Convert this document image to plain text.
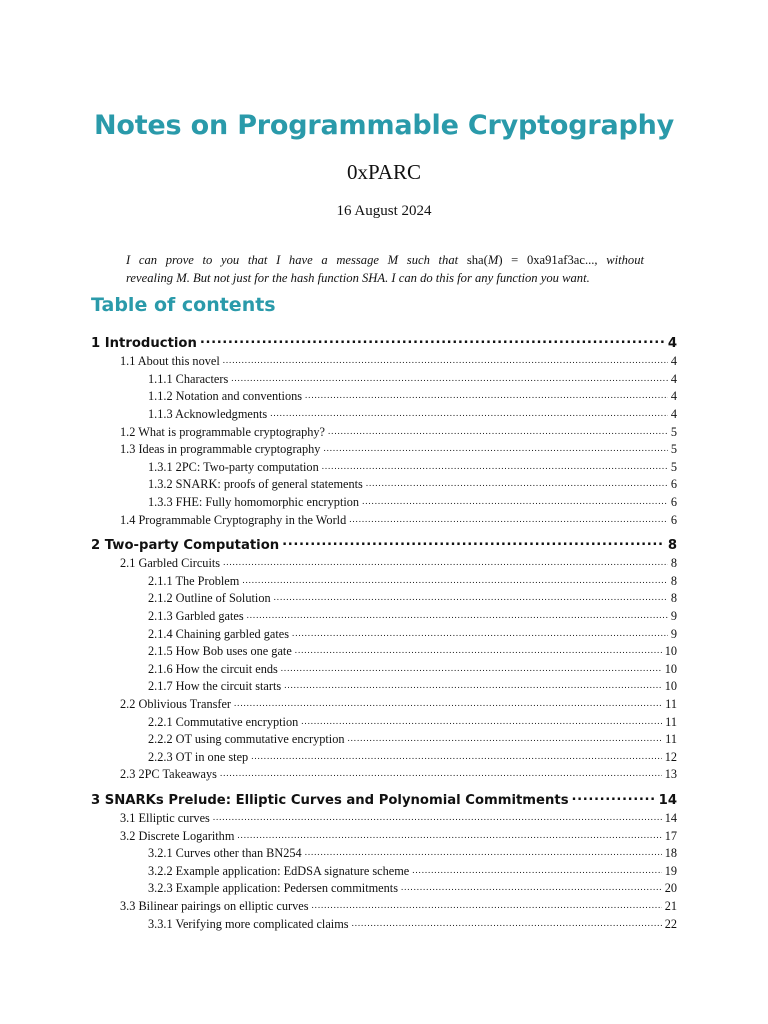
Notes on Programmable Cryptography
0xPARC
16 August 2024
I can prove to you that I have a message M such that sha(M) = 0xa91af3ac..., without
revealing M. But not just for the hash function SHA. I can do this for any function you want.
Table of contents
1 Introduction .....	4
1.1 About this novel .....	4
1.1.1 Characters .....	4
1.1.2 Notation and conventions .....	4
1.1.3 Acknowledgments .....	4
1.2 What is programmable cryptography? .....	5
1.3 Ideas in programmable cryptography .....	5
1.3.1 2PC: Two-party computation .....	5
1.3.2 SNARK: proofs of general statements .....	6
1.3.3 FHE: Fully homomorphic encryption .....	6
1.4 Programmable Cryptography in the World .....	6
2 Two-party Computation .....	8
2.1 Garbled Circuits .....	8
2.1.1 The Problem .....	8
2.1.2 Outline of Solution .....	8
2.1.3 Garbled gates .....	9
2.1.4 Chaining garbled gates .....	9
2.1.5 How Bob uses one gate .....	10
2.1.6 How the circuit ends .....	10
2.1.7 How the circuit starts .....	10
2.2 Oblivious Transfer .....	11
2.2.1 Commutative encryption .....	11
2.2.2 OT using commutative encryption .....	11
2.2.3 OT in one step .....	12
2.3 2PC Takeaways .....	13
3 SNARKs Prelude: Elliptic Curves and Polynomial Commitments .....	14
3.1 Elliptic curves .....	14
3.2 Discrete Logarithm .....	17
3.2.1 Curves other than BN254 .....	18
3.2.2 Example application: EdDSA signature scheme .....	19
3.2.3 Example application: Pedersen commitments .....	20
3.3 Bilinear pairings on elliptic curves .....	21
3.3.1 Verifying more complicated claims .....	22
